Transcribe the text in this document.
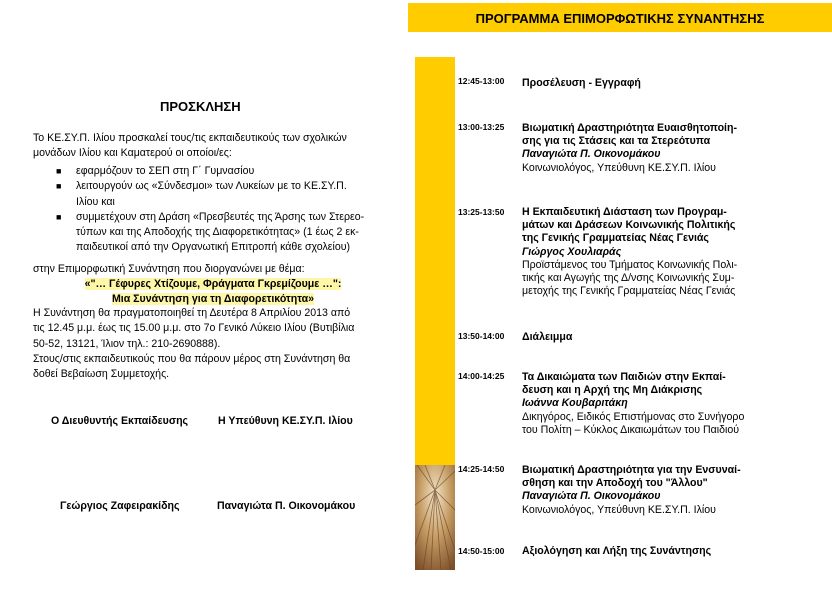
ΠΡΟΓΡΑΜΜΑ ΕΠΙΜΟΡΦΩΤΙΚΗΣ ΣΥΝΑΝΤΗΣΗΣ
ΠΡΟΣΚΛΗΣΗ
Το ΚΕ.ΣΥ.Π. Ιλίου προσκαλεί τους/τις εκπαιδευτικούς των σχολικών
μονάδων Ιλίου και Καματερού οι οποίοι/ες:
■ εφαρμόζουν το ΣΕΠ στη Γ΄ Γυμνασίου
■ λειτουργούν ως «Σύνδεσμοι» των Λυκείων με το ΚΕ.ΣΥ.Π.
Ιλίου και
■ συμμετέχουν στη Δράση «Πρεσβευτές της Άρσης των Στερεο-
τύπων και της Αποδοχής της Διαφορετικότητας» (1 έως 2 εκ-
παιδευτικοί από την Οργανωτική Επιτροπή κάθε σχολείου)
στην Επιμορφωτική Συνάντηση που διοργανώνει με θέμα:
«"… Γέφυρες Χτίζουμε, Φράγματα Γκρεμίζουμε …":
Μια Συνάντηση για τη Διαφορετικότητα»
Η Συνάντηση θα πραγματοποιηθεί τη Δευτέρα 8 Απριλίου 2013 από
τις 12.45 μ.μ. έως τις 15.00 μ.μ. στο 7ο Γενικό Λύκειο Ιλίου (Βυτιβίλια
50-52, 13121, Ίλιον τηλ.: 210-2690888).
Στους/στις εκπαιδευτικούς που θα πάρουν μέρος στη Συνάντηση θα
δοθεί Βεβαίωση Συμμετοχής.
Ο Διευθυντής Εκπαίδευσης	Η Υπεύθυνη ΚΕ.ΣΥ.Π. Ιλίου
Γεώργιος Ζαφειρακίδης	Παναγιώτα Π. Οικονομάκου
12:45-13:00 Προσέλευση - Εγγραφή
13:00-13:25 Βιωματική Δραστηριότητα Ευαισθητοποίη-
σης για τις Στάσεις και τα Στερεότυπα
Παναγιώτα Π. Οικονομάκου
Κοινωνιολόγος, Υπεύθυνη ΚΕ.ΣΥ.Π. Ιλίου
13:25-13:50 Η Εκπαιδευτική Διάσταση των Προγραμ-
μάτων και Δράσεων Κοινωνικής Πολιτικής
της Γενικής Γραμματείας Νέας Γενιάς
Γιώργος Χουλιαράς
Προϊστάμενος του Τμήματος Κοινωνικής Πολι-
τικής και Αγωγής της Δ/νσης Κοινωνικής Συμ-
μετοχής της Γενικής Γραμματείας Νέας Γενιάς
13:50-14:00 Διάλειμμα
14:00-14:25 Τα Δικαιώματα των Παιδιών στην Εκπαί-
δευση και η Αρχή της Μη Διάκρισης
Ιωάννα Κουβαριτάκη
Δικηγόρος, Ειδικός Επιστήμονας στο Συνήγορο
του Πολίτη – Κύκλος Δικαιωμάτων του Παιδιού
14:25-14:50 Βιωματική Δραστηριότητα για την Ενσυναί-
σθηση και την Αποδοχή του "Άλλου"
Παναγιώτα Π. Οικονομάκου
Κοινωνιολόγος, Υπεύθυνη ΚΕ.ΣΥ.Π. Ιλίου
14:50-15:00 Αξιολόγηση και Λήξη της Συνάντησης
